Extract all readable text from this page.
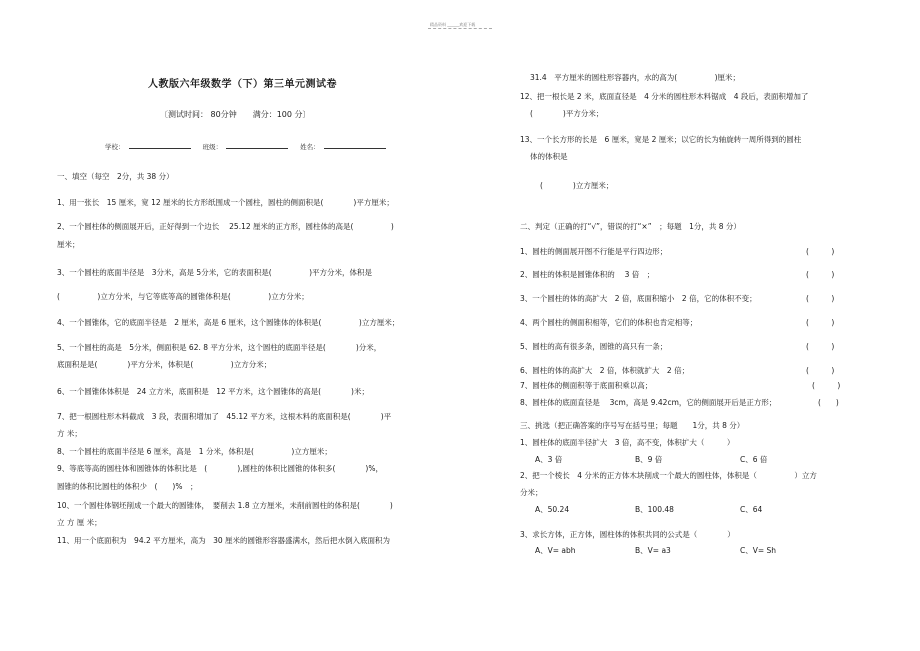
精品资料 ______欢迎下载
人教版六年级数学（下）第三单元测试卷
〔测试时间： 80分钟　　满分：100 分〕
学校：	班级：	姓名：
一、填空（每空　2分，共 38 分）
1、用一张长　15 厘米，宽 12 厘米的长方形纸围成一个圆柱，圆柱的侧面积是(　　　　)平方厘米；
2、一个圆柱体的侧面展开后，正好得到一个边长　 25.12 厘米的正方形，圆柱体的高是(　　　　　)
厘米；
3、一个圆柱的底面半径是　3分米，高是 5分米，它的表面积是(　　　　　)平方分米，体积是
(　　　　　)立方分米，与它等底等高的圆锥体积是(　　　　　)立方分米；
4、一个圆锥体，它的底面半径是　2 厘米，高是 6 厘米，这个圆锥体的体积是(　　　　　)立方厘米；
5、一个圆柱的高是　5分米，侧面积是 62. 8 平方分米，这个圆柱的底面半径是(　　　　)分米，
底面积是是(　　　　)平方分米，体积是(　　　　　)立方分米；
6、一个圆锥体体积是　24 立方米，底面积是　12 平方米，这个圆锥体的高是(　　　　)米；
7、把一根圆柱形木料截成　3 段，表面积增加了　45.12 平方米，这根木料的底面积是(　　　　)平
方 米；
8、一个圆柱的底面半径是 6 厘米，高是　1 分米，体积是(　　　　　)立方厘米；
9、等底等高的圆柱体和圆锥体的体积比是　(　　　　),圆柱的体积比圆锥的体积多(　　　　)%，
圆锥的体积比圆柱的体积少　(　　)%　；
10、一个圆柱体钢坯削成一个最大的圆锥体，　要削去 1.8 立方厘米，未削前圆柱的体积是(　　　　)
立 方 厘 米；
11、用一个底面积为　94.2 平方厘米，高为　30 厘米的圆锥形容器盛满水，然后把水倒入底面积为
31.4　平方厘米的圆柱形容器内，水的高为(　　　　　)厘米；
12、把一根长是 2 米，底面直径是　4 分米的圆柱形木料锯成　4 段后，表面积增加了
(　　　　)平方分米；
13、一个长方形的长是　6 厘米，宽是 2 厘米；以它的长为轴旋转一周所得到的圆柱
体的体积是
(　　　　)立方厘米；
二、判定（正确的打“√”，错误的打“×”　；每题　1分，共 8 分）
1、圆柱的侧面展开图不行能是平行四边形；	(　　　)
2、圆柱的体积是圆锥体积的　 3 倍　；	(　　　)
3、一个圆柱的体的高扩大　2 倍，底面积缩小　2 倍，它的体积不变；	(　　　)
4、两个圆柱的侧面积相等，它们的体积也肯定相等；	(　　　)
5、圆柱的高有很多条，圆锥的高只有一条；	(　　　)
6、圆柱的体的高扩大　2 倍，体积就扩大　2 倍；	(　　　)
7、圆柱体的侧面积等于底面积乘以高；	(　　　)
8、圆柱体的底面直径是　 3cm，高是 9.42cm，它的侧面展开后是正方形；	(　　)
三、挑选（把正确答案的序号写在括号里；每题　　1分，共 8 分）
1、圆柱体的底面半径扩大　3 倍，高不变，体积扩大（　　　）
A、3 倍	B、9 倍	C、6 倍
2、把一个棱长　4 分米的正方体木块削成一个最大的圆柱体，体积是（　　　　　）立方
分米；
A、50.24	B、100.48	C、64
3、求长方体，正方体，圆柱体的体积共同的公式是（　　　　）
A、V= abh	B、V= a3	C、V= Sh
